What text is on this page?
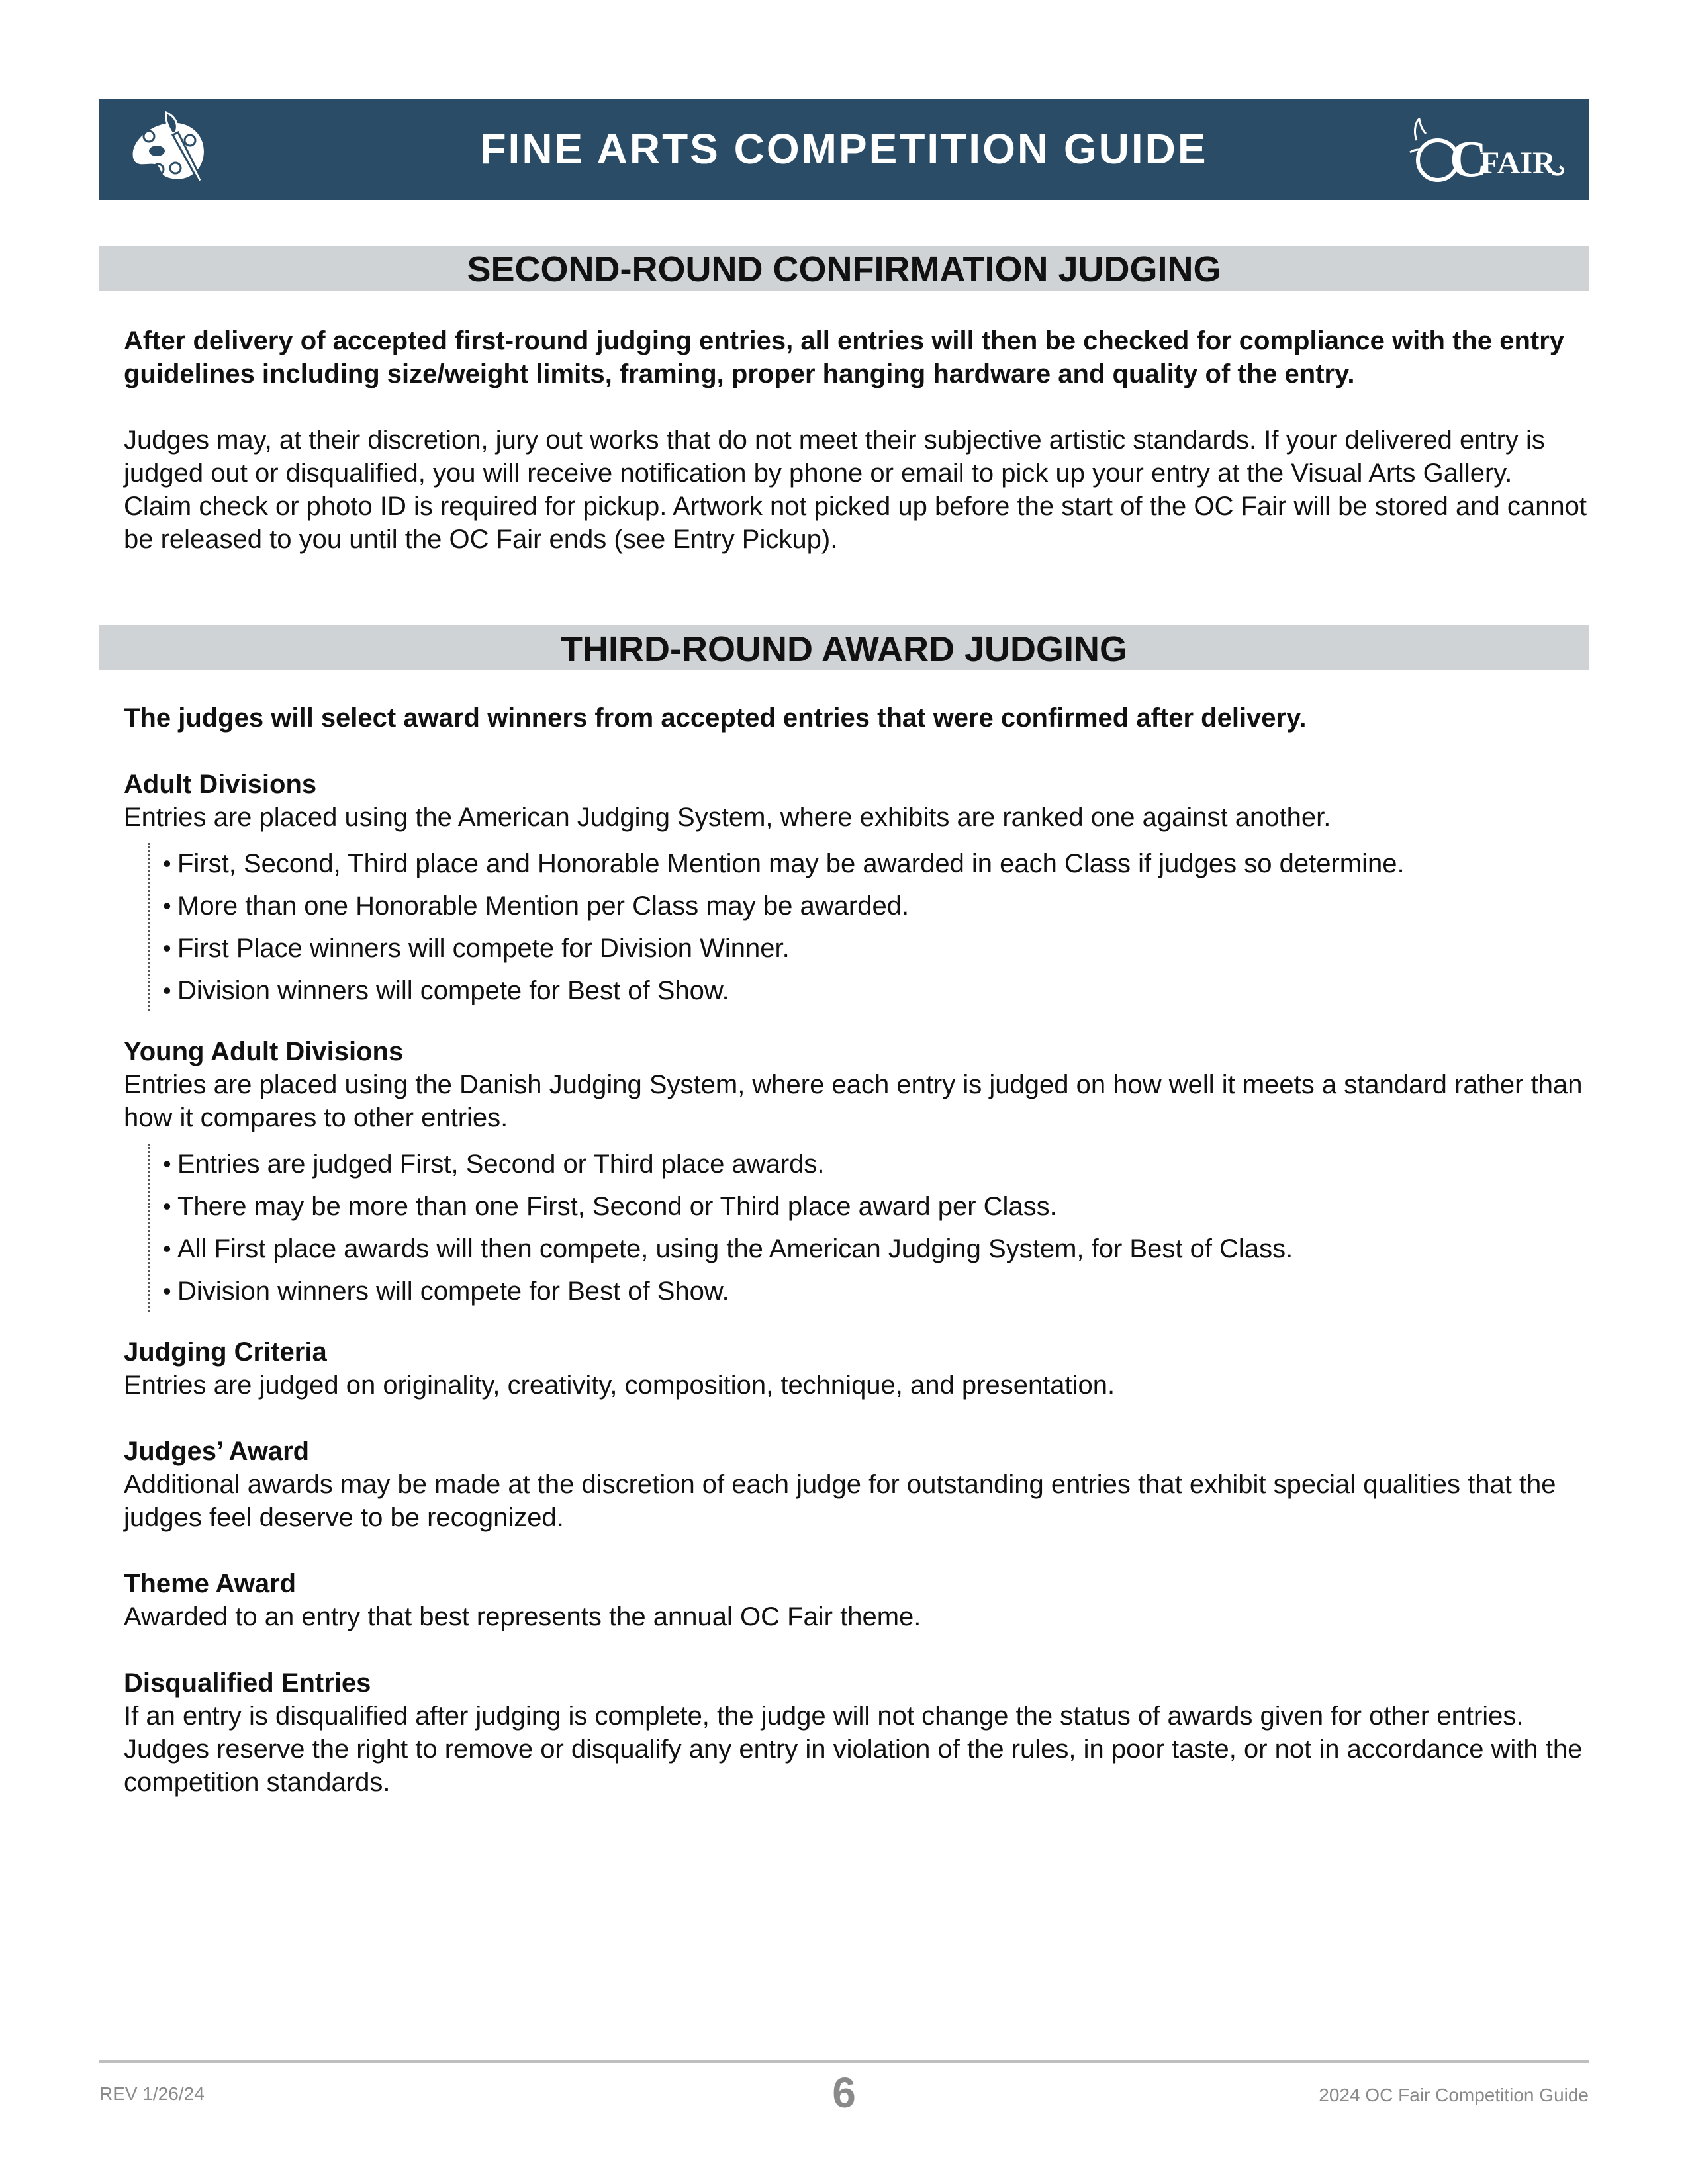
FINE ARTS COMPETITION GUIDE	C
FAIR
SECOND-ROUND CONFIRMATION JUDGING

After delivery of accepted first-round judging entries, all entries will then be checked for compliance with the entry guidelines including size/weight limits, framing, proper hanging hardware and quality of the entry.

Judges may, at their discretion, jury out works that do not meet their subjective artistic standards. If your delivered entry is judged out or disqualified, you will receive notification by phone or email to pick up your entry at the Visual Arts Gallery. Claim check or photo ID is required for pickup. Artwork not picked up before the start of the OC Fair will be stored and cannot be released to you until the OC Fair ends (see Entry Pickup).

THIRD-ROUND AWARD JUDGING

The judges will select award winners from accepted entries that were confirmed after delivery.

Adult Divisions

Entries are placed using the American Judging System, where exhibits are ranked one against another.

• First, Second, Third place and Honorable Mention may be awarded in each Class if judges so determine.
• More than one Honorable Mention per Class may be awarded.
• First Place winners will compete for Division Winner.
• Division winners will compete for Best of Show.

Young Adult Divisions

Entries are placed using the Danish Judging System, where each entry is judged on how well it meets a standard rather than how it compares to other entries.

• Entries are judged First, Second or Third place awards.
• There may be more than one First, Second or Third place award per Class.
• All First place awards will then compete, using the American Judging System, for Best of Class.
• Division winners will compete for Best of Show.

Judging Criteria

Entries are judged on originality, creativity, composition, technique, and presentation.

Judges’ Award

Additional awards may be made at the discretion of each judge for outstanding entries that exhibit special qualities that the judges feel deserve to be recognized.

Theme Award

Awarded to an entry that best represents the annual OC Fair theme.

Disqualified Entries

If an entry is disqualified after judging is complete, the judge will not change the status of awards given for other entries. Judges reserve the right to remove or disqualify any entry in violation of the rules, in poor taste, or not in accordance with the competition standards.

REV 1/26/24	6	2024 OC Fair Competition Guide
